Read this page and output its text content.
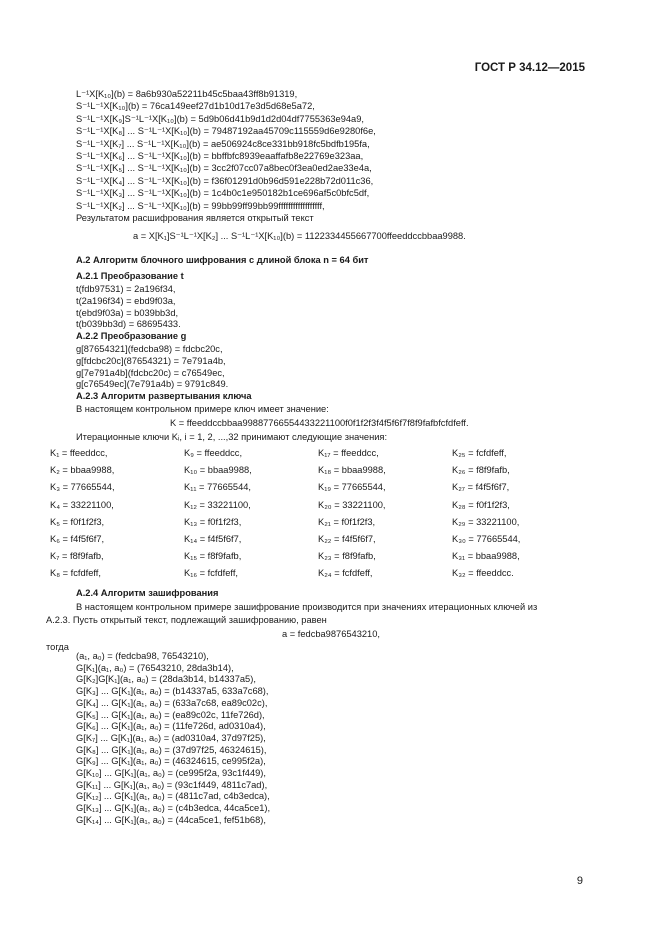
ГОСТ Р 34.12—2015
L⁻¹X[K₁₀](b) = 8a6b930a52211b45c5baa43ff8b91319,
S⁻¹L⁻¹X[K₁₀](b) = 76ca149eef27d1b10d17e3d5d68e5a72,
S⁻¹L⁻¹X[K₉]S⁻¹L⁻¹X[K₁₀](b) = 5d9b06d41b9d1d2d04df7755363e94a9,
S⁻¹L⁻¹X[K₈] ... S⁻¹L⁻¹X[K₁₀](b) = 79487192aa45709c115559d6e9280f6e,
S⁻¹L⁻¹X[K₇] ... S⁻¹L⁻¹X[K₁₀](b) = ae506924c8ce331bb918fc5bdfb195fa,
S⁻¹L⁻¹X[K₆] ... S⁻¹L⁻¹X[K₁₀](b) = bbffbfc8939eaaffafb8e22769e323aa,
S⁻¹L⁻¹X[K₅] ... S⁻¹L⁻¹X[K₁₀](b) = 3cc2f07cc07a8bec0f3ea0ed2ae33e4a,
S⁻¹L⁻¹X[K₄] ... S⁻¹L⁻¹X[K₁₀](b) = f36f01291d0b96d591e228b72d011c36,
S⁻¹L⁻¹X[K₃] ... S⁻¹L⁻¹X[K₁₀](b) = 1c4b0c1e950182b1ce696af5c0bfc5df,
S⁻¹L⁻¹X[K₂] ... S⁻¹L⁻¹X[K₁₀](b) = 99bb99ff99bb99ffffffffffffffffff,
Результатом расшифрования является открытый текст
a = X[K₁]S⁻¹L⁻¹X[K₂] ... S⁻¹L⁻¹X[K₁₀](b) = 1122334455667700ffeeddccbbaa9988.
А.2 Алгоритм блочного шифрования с длиной блока n = 64 бит
А.2.1 Преобразование t
t(fdb97531) = 2a196f34,
t(2a196f34) = ebd9f03a,
t(ebd9f03a) = b039bb3d,
t(b039bb3d) = 68695433.
А.2.2 Преобразование g
g[87654321](fedcba98) = fdcbc20c,
g[fdcbc20c](87654321) = 7e791a4b,
g[7e791a4b](fdcbc20c) = c76549ec,
g[c76549ec](7e791a4b) = 9791c849.
А.2.3 Алгоритм развертывания ключа
В настоящем контрольном примере ключ имеет значение:
K = ffeeddccbbaa99887766554433221100f0f1f2f3f4f5f6f7f8f9fafbfcfdfeff.
Итерационные ключи Kᵢ, i = 1, 2, ...,32 принимают следующие значения:
K₁ = ffeeddcc,	K₉ = ffeeddcc,	K₁₇ = ffeeddcc,	K₂₅ = fcfdfeff,
K₂ = bbaa9988,	K₁₀ = bbaa9988,	K₁₈ = bbaa9988,	K₂₆ = f8f9fafb,
K₃ = 77665544,	K₁₁ = 77665544,	K₁₉ = 77665544,	K₂₇ = f4f5f6f7,
K₄ = 33221100,	K₁₂ = 33221100,	K₂₀ = 33221100,	K₂₈ = f0f1f2f3,
K₅ = f0f1f2f3,	K₁₃ = f0f1f2f3,	K₂₁ = f0f1f2f3,	K₂₉ = 33221100,
K₆ = f4f5f6f7,	K₁₄ = f4f5f6f7,	K₂₂ = f4f5f6f7,	K₃₀ = 77665544,
K₇ = f8f9fafb,	K₁₅ = f8f9fafb,	K₂₃ = f8f9fafb,	K₃₁ = bbaa9988,
K₈ = fcfdfeff,	K₁₆ = fcfdfeff,	K₂₄ = fcfdfeff,	K₃₂ = ffeeddcc.
А.2.4 Алгоритм зашифрования
В настоящем контрольном примере зашифрование производится при значениях итерационных ключей из
А.2.3. Пусть открытый текст, подлежащий зашифрованию, равен
a = fedcba9876543210,
тогда
(a₁, a₀) = (fedcba98, 76543210),
G[K₁](a₁, a₀) = (76543210, 28da3b14),
G[K₂]G[K₁](a₁, a₀) = (28da3b14, b14337a5),
G[K₃] ... G[K₁](a₁, a₀) = (b14337a5, 633a7c68),
G[K₄] ... G[K₁](a₁, a₀) = (633a7c68, ea89c02c),
G[K₅] ... G[K₁](a₁, a₀) = (ea89c02c, 11fe726d),
G[K₆] ... G[K₁](a₁, a₀) = (11fe726d, ad0310a4),
G[K₇] ... G[K₁](a₁, a₀) = (ad0310a4, 37d97f25),
G[K₈] ... G[K₁](a₁, a₀) = (37d97f25, 46324615),
G[K₉] ... G[K₁](a₁, a₀) = (46324615, ce995f2a),
G[K₁₀] ... G[K₁](a₁, a₀) = (ce995f2a, 93c1f449),
G[K₁₁] ... G[K₁](a₁, a₀) = (93c1f449, 4811c7ad),
G[K₁₂] ... G[K₁](a₁, a₀) = (4811c7ad, c4b3edca),
G[K₁₃] ... G[K₁](a₁, a₀) = (c4b3edca, 44ca5ce1),
G[K₁₄] ... G[K₁](a₁, a₀) = (44ca5ce1, fef51b68),
9
